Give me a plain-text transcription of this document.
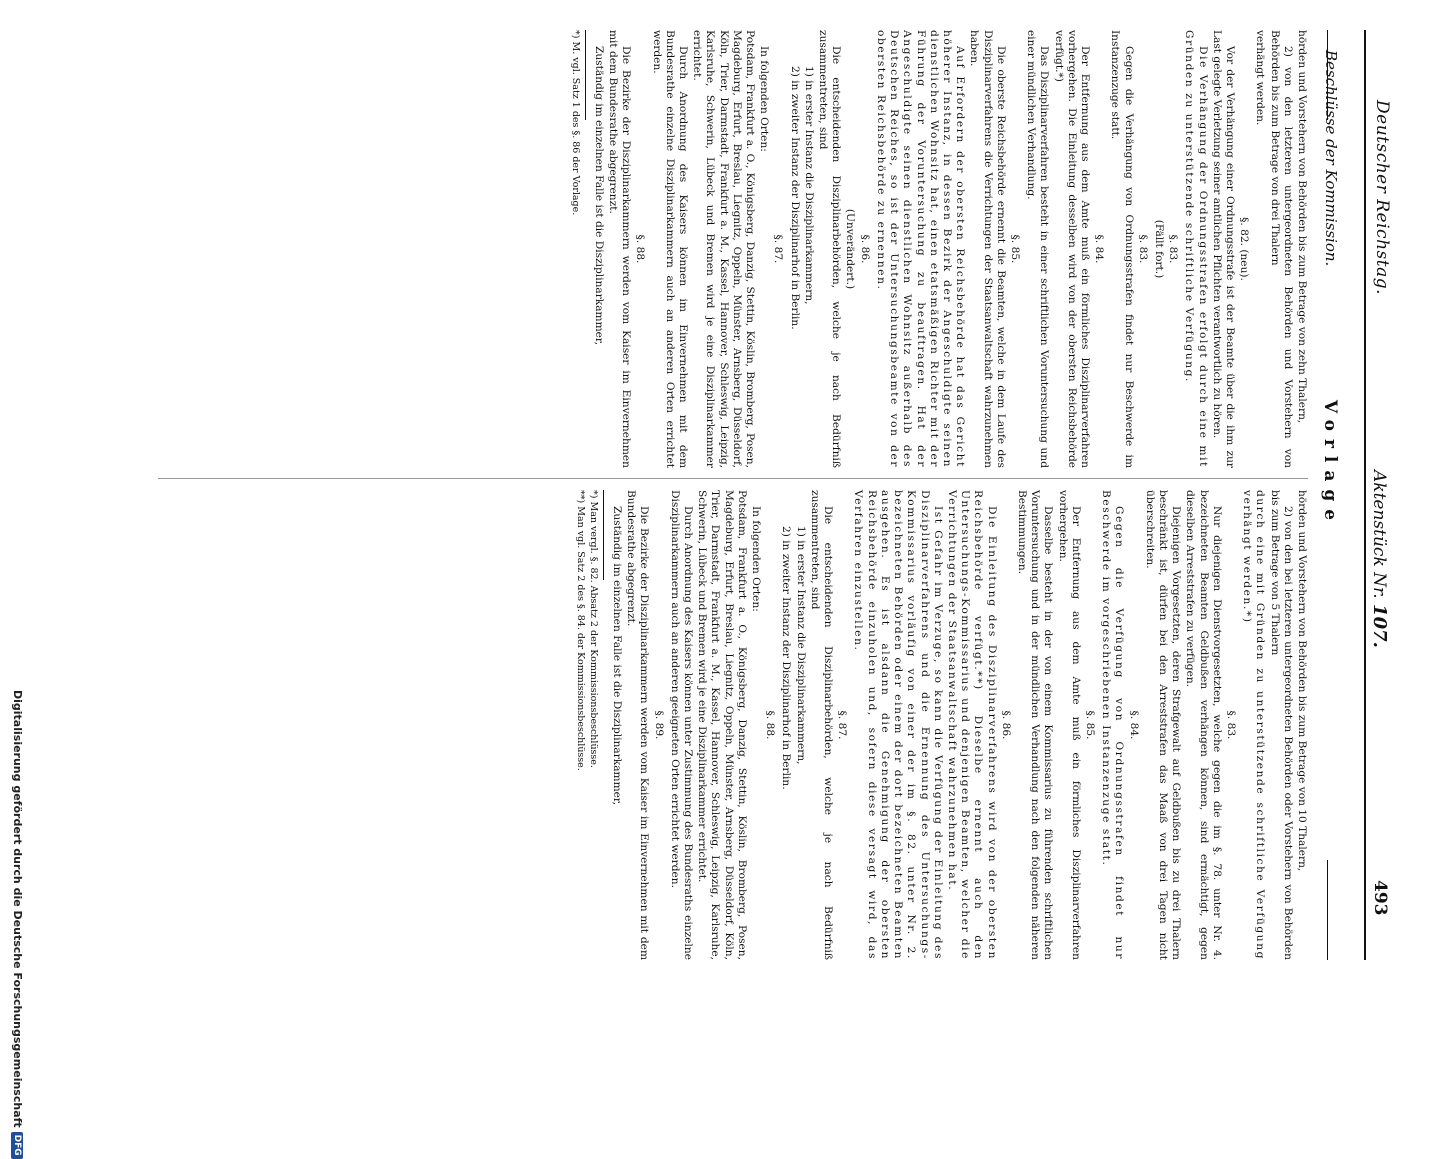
493
Aktenstück Nr. 107.
Deutscher Reichstag.
Vorlage
Beschlüsse der Kommission.

hörden und Vorstehern von Behörden bis zum Betrage von 10 Thalern,

2) von den bei letzteren untergeordneten Behörden oder Vorstehern von Behörden bis zum Betrage von 5 Thalern

durch eine mit Gründen zu unterstützende schriftliche Verfügung verhängt werden.*)

§. 83.

Nur diejenigen Dienstvorgesetzten, welche gegen die im §. 78. unter Nr. 4. bezeichneten Beamten Geldbußen verhängen können, sind ermächtigt, gegen dieselben Arreststrafen zu verfügen.

Diejenigen Vorgesetzten, deren Strafgewalt auf Geldbußen bis zu drei Thalern beschränkt ist, dürfen bei den Arreststrafen das Maaß von drei Tagen nicht überschreiten.

§. 84.

Gegen die Verfügung von Ordnungsstrafen findet nur Beschwerde im vorgeschriebenen Instanzenzuge statt.

§. 85.

Der Entfernung aus dem Amte muß ein förmliches Disziplinarverfahren vorhergehen.

Dasselbe besteht in der von einem Kommissarius zu führenden schriftlichen Voruntersuchung und in der mündlichen Verhandlung nach den folgenden näheren Bestimmungen.

§. 86.

Die Einleitung des Disziplinarverfahrens wird von der obersten Reichsbehörde verfügt.**) Dieselbe ernennt auch den Untersuchungs-Kommissarius und denjenigen Beamten, welcher die Verrichtungen der Staatsanwaltschaft wahrzunehmen hat.

Ist Gefahr im Verzuge, so kann die Verfügung der Einleitung des Disziplinarverfahrens und die Ernennung des Untersuchungs-Kommissarius vorläufig von einer der im §. 82. unter Nr. 2. bezeichneten Behörden oder einem der dort bezeichneten Beamten ausgehen. Es ist alsdann die Genehmigung der obersten Reichsbehörde einzuholen und, sofern diese versagt wird, das Verfahren einzustellen.

§. 87.

Die entscheidenden Disziplinarbehörden, welche je nach Bedürfniß zusammentreten, sind

1) in erster Instanz die Disziplinarkammern,

2) in zweiter Instanz der Disziplinarhof in Berlin.

§. 88.

In folgenden Orten:

Potsdam, Frankfurt a. O., Königsberg, Danzig, Stettin, Köslin, Bromberg, Posen, Magdeburg, Erfurt, Breslau, Liegnitz, Oppeln, Münster, Arnsberg, Düsseldorf, Köln, Trier, Darmstadt, Frankfurt a. M., Kassel, Hannover, Schleswig, Leipzig, Karlsruhe, Schwerin, Lübeck und Bremen wird je eine Disziplinarkammer errichtet.

Durch Anordnung des Kaisers können unter Zustimmung des Bundesraths einzelne Disziplinarkammern auch an anderen geeigneten Orten errichtet werden.

§. 89.

Die Bezirke der Disziplinarkammern werden vom Kaiser im Einvernehmen mit dem Bundesrathe abgegrenzt.

Zuständig im einzelnen Falle ist die Disziplinarkammer,

*) Man vergl. §. 82. Absatz 2 der Kommissionsbeschlüsse.

**) Man vgl. Satz 2 des §. 84. der Kommissionsbeschlüsse.

hörden und Vorstehern von Behörden bis zum Betrage von zehn Thalern,

2) von den letzteren untergeordneten Behörden und Vorstehern von Behörden bis zum Betrage von drei Thalern

verhängt werden.

§. 82. (neu).

Vor der Verhängung einer Ordnungsstrafe ist der Beamte über die ihm zur Last gelegte Verletzung seiner amtlichen Pflichten verantwortlich zu hören.

Die Verhängung der Ordnungsstrafen erfolgt durch eine mit Gründen zu unterstützende schriftliche Verfügung.

§. 83.

(Fällt fort.)

§. 83.

Gegen die Verhängung von Ordnungsstrafen findet nur Beschwerde im Instanzenzuge statt.

§. 84.

Der Entfernung aus dem Amte muß ein förmliches Disziplinarverfahren vorhergehen. Die Einleitung desselben wird von der obersten Reichsbehörde verfügt.*)

Das Disziplinarverfahren besteht in einer schriftlichen Voruntersuchung und einer mündlichen Verhandlung.

§. 85.

Die oberste Reichsbehörde ernennt die Beamten, welche in dem Laufe des Disziplinarverfahrens die Verrichtungen der Staatsanwaltschaft wahrzunehmen haben.

Auf Erfordern der obersten Reichsbehörde hat das Gericht höherer Instanz, in dessen Bezirk der Angeschuldigte seinen dienstlichen Wohnsitz hat, einen etatsmäßigen Richter mit der Führung der Voruntersuchung zu beauftragen. Hat der Angeschuldigte seinen dienstlichen Wohnsitz außerhalb des Deutschen Reiches, so ist der Untersuchungsbeamte von der obersten Reichsbehörde zu ernennen.

§. 86.

(Unverändert.)

Die entscheidenden Disziplinarbehörden, welche je nach Bedürfniß zusammentreten, sind

1) in erster Instanz die Disziplinarkammern,

2) in zweiter Instanz der Disziplinarhof in Berlin.

§. 87.

In folgenden Orten:

Potsdam, Frankfurt a. O., Königsberg, Danzig, Stettin, Köslin, Bromberg, Posen, Magdeburg, Erfurt, Breslau, Liegnitz, Oppeln, Münster, Arnsberg, Düsseldorf, Köln, Trier, Darmstadt, Frankfurt a. M., Kassel, Hannover, Schleswig, Leipzig, Karlsruhe, Schwerin, Lübeck und Bremen wird je eine Disziplinarkammer errichtet.

Durch Anordnung des Kaisers können im Einvernehmen mit dem Bundesrathe einzelne Disziplinarkammern auch an anderen Orten errichtet werden.

§. 88.

Die Bezirke der Disziplinarkammern werden vom Kaiser im Einvernehmen mit dem Bundesrathe abgegrenzt.

Zuständig im einzelnen Falle ist die Disziplinarkammer,

*) M. vgl. Satz 1 des §. 86 der Vorlage.

Digitalisierung gefördert durch die Deutsche ForschungsgemeinschaftDFG
